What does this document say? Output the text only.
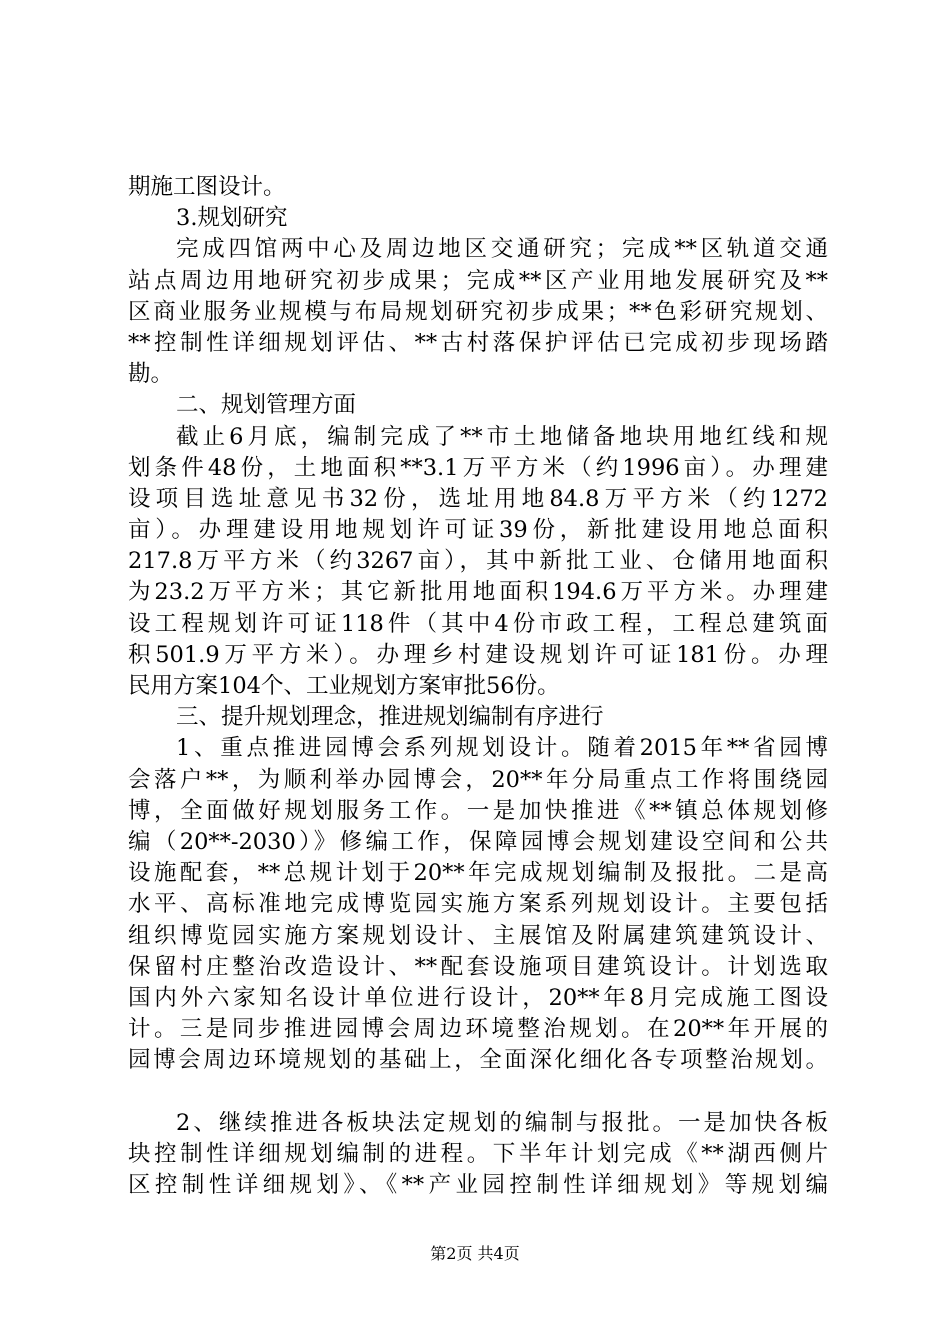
期施工图设计。
3.规划研究
完成四馆两中心及周边地区交通研究；完成**区轨道交通
站点周边用地研究初步成果；完成**区产业用地发展研究及**
区商业服务业规模与布局规划研究初步成果；**色彩研究规划、
**控制性详细规划评估、**古村落保护评估已完成初步现场踏
勘。
二、规划管理方面
截止6月底，编制完成了**市土地储备地块用地红线和规
划条件48份，土地面积**3.1万平方米（约1996亩）。办理建
设项目选址意见书32份，选址用地84.8万平方米（约1272
亩）。办理建设用地规划许可证39份，新批建设用地总面积
217.8万平方米（约3267亩），其中新批工业、仓储用地面积
为23.2万平方米；其它新批用地面积194.6万平方米。办理建
设工程规划许可证118件（其中4份市政工程，工程总建筑面
积501.9万平方米）。办理乡村建设规划许可证181份。办理
民用方案104个、工业规划方案审批56份。
三、提升规划理念，推进规划编制有序进行
1、重点推进园博会系列规划设计。随着2015年**省园博
会落户**，为顺利举办园博会，20**年分局重点工作将围绕园
博，全面做好规划服务工作。一是加快推进《**镇总体规划修
编（20**-2030）》修编工作，保障园博会规划建设空间和公共
设施配套，**总规计划于20**年完成规划编制及报批。二是高
水平、高标准地完成博览园实施方案系列规划设计。主要包括
组织博览园实施方案规划设计、主展馆及附属建筑建筑设计、
保留村庄整治改造设计、**配套设施项目建筑设计。计划选取
国内外六家知名设计单位进行设计，20**年8月完成施工图设
计。三是同步推进园博会周边环境整治规划。在20**年开展的
园博会周边环境规划的基础上，全面深化细化各专项整治规划。
2、继续推进各板块法定规划的编制与报批。一是加快各板
块控制性详细规划编制的进程。下半年计划完成《**湖西侧片
区控制性详细规划》、《**产业园控制性详细规划》等规划编
第2页 共4页
